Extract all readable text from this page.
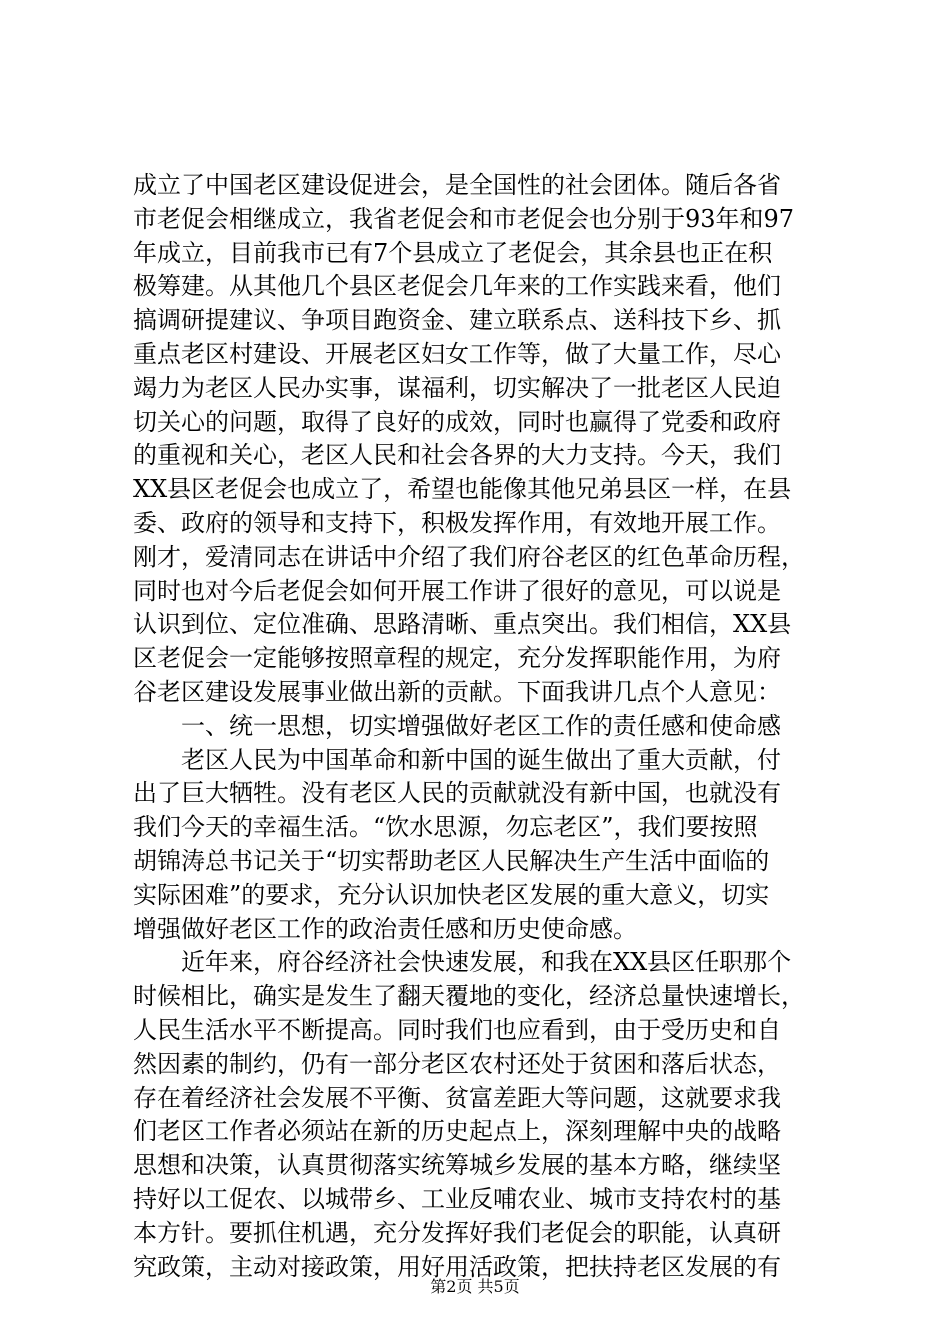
成立了中国老区建设促进会，是全国性的社会团体。随后各省
市老促会相继成立，我省老促会和市老促会也分别于93年和97
年成立，目前我市已有7个县成立了老促会，其余县也正在积
极筹建。从其他几个县区老促会几年来的工作实践来看，他们
搞调研提建议、争项目跑资金、建立联系点、送科技下乡、抓
重点老区村建设、开展老区妇女工作等，做了大量工作，尽心
竭力为老区人民办实事，谋福利，切实解决了一批老区人民迫
切关心的问题，取得了良好的成效，同时也赢得了党委和政府
的重视和关心，老区人民和社会各界的大力支持。今天，我们
XX县区老促会也成立了，希望也能像其他兄弟县区一样，在县
委、政府的领导和支持下，积极发挥作用，有效地开展工作。
刚才，爱清同志在讲话中介绍了我们府谷老区的红色革命历程，
同时也对今后老促会如何开展工作讲了很好的意见，可以说是
认识到位、定位准确、思路清晰、重点突出。我们相信，XX县
区老促会一定能够按照章程的规定，充分发挥职能作用，为府
谷老区建设发展事业做出新的贡献。下面我讲几点个人意见：
　　一、统一思想，切实增强做好老区工作的责任感和使命感
　　老区人民为中国革命和新中国的诞生做出了重大贡献，付
出了巨大牺牲。没有老区人民的贡献就没有新中国，也就没有
我们今天的幸福生活。“饮水思源，勿忘老区”，我们要按照
胡锦涛总书记关于“切实帮助老区人民解决生产生活中面临的
实际困难”的要求，充分认识加快老区发展的重大意义，切实
增强做好老区工作的政治责任感和历史使命感。
　　近年来，府谷经济社会快速发展，和我在XX县区任职那个
时候相比，确实是发生了翻天覆地的变化，经济总量快速增长，
人民生活水平不断提高。同时我们也应看到，由于受历史和自
然因素的制约，仍有一部分老区农村还处于贫困和落后状态，
存在着经济社会发展不平衡、贫富差距大等问题，这就要求我
们老区工作者必须站在新的历史起点上，深刻理解中央的战略
思想和决策，认真贯彻落实统筹城乡发展的基本方略，继续坚
持好以工促农、以城带乡、工业反哺农业、城市支持农村的基
本方针。要抓住机遇，充分发挥好我们老促会的职能，认真研
究政策，主动对接政策，用好用活政策，把扶持老区发展的有
第2页 共5页
